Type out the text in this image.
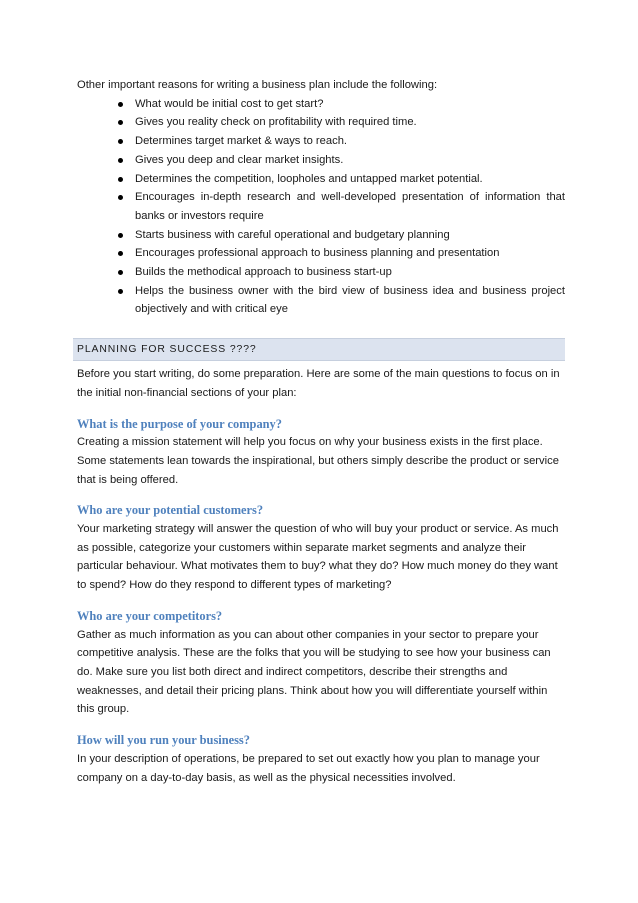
Other important reasons for writing a business plan include the following:

What would be initial cost to get start?
Gives you reality check on profitability with required time.
Determines target market & ways to reach.
Gives you deep and clear market insights.
Determines the competition, loopholes and untapped market potential.
Encourages in-depth research and well-developed presentation of information that banks or investors require
Starts business with careful operational and budgetary planning
Encourages professional approach to business planning and presentation
Builds the methodical approach to business start-up
Helps the business owner with the bird view of business idea and business project objectively and with critical eye
PLANNING FOR SUCCESS ????

Before you start writing, do some preparation. Here are some of the main questions to focus on in the initial non-financial sections of your plan:

What is the purpose of your company?

Creating a mission statement will help you focus on why your business exists in the first place. Some statements lean towards the inspirational, but others simply describe the product or service that is being offered.

Who are your potential customers?

Your marketing strategy will answer the question of who will buy your product or service. As much as possible, categorize your customers within separate market segments and analyze their particular behaviour. What motivates them to buy? what they do? How much money do they want to spend? How do they respond to different types of marketing?

Who are your competitors?

Gather as much information as you can about other companies in your sector to prepare your competitive analysis. These are the folks that you will be studying to see how your business can do. Make sure you list both direct and indirect competitors, describe their strengths and weaknesses, and detail their pricing plans. Think about how you will differentiate yourself within this group.

How will you run your business?

In your description of operations, be prepared to set out exactly how you plan to manage your company on a day-to-day basis, as well as the physical necessities involved.
